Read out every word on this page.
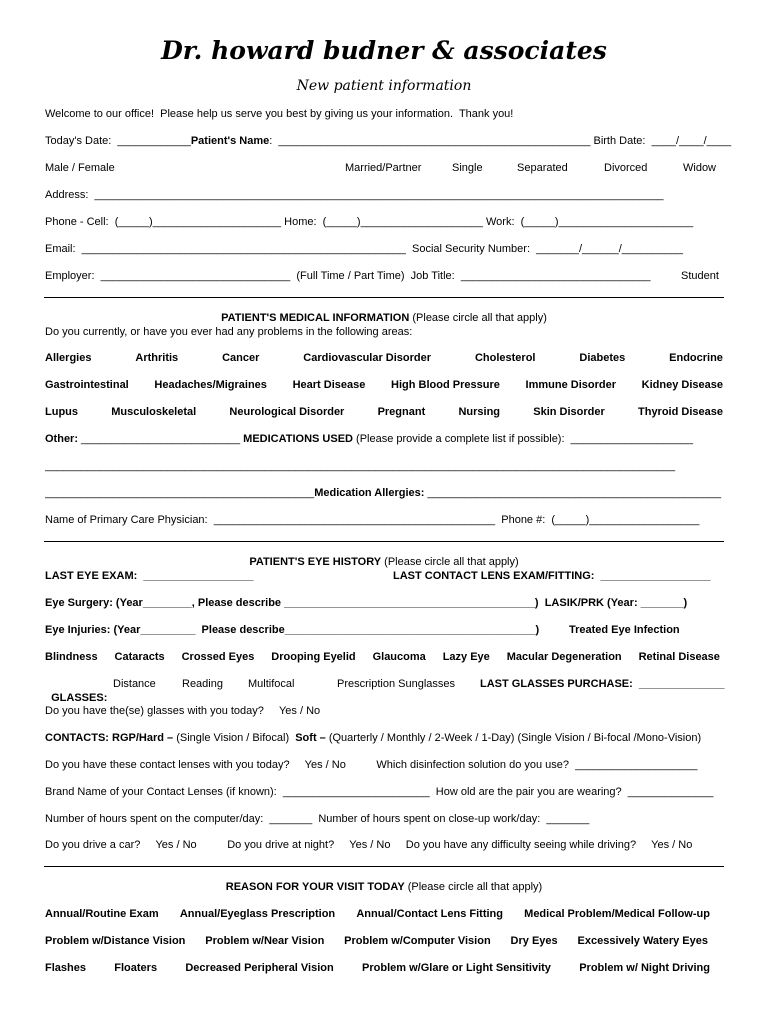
Dr. howard budner & associates
New patient information
Welcome to our office!  Please help us serve you best by giving us your information.  Thank you!
Today's Date:  ____________Patient's Name:  ___________________________________________________ Birth Date:  ____/____/____
Male / Female	Married/Partner	Single	Separated	Divorced	Widow
Address:  _____________________________________________________________________________________________
Phone - Cell:  (_____)_____________________ Home:  (_____)____________________ Work:  (_____)______________________
Email:  _____________________________________________________  Social Security Number:  _______/______/__________
Employer:  _______________________________  (Full Time / Part Time)  Job Title:  _______________________________	Student
PATIENT'S MEDICAL INFORMATION (Please circle all that apply)
Do you currently, or have you ever had any problems in the following areas:
Allergies	Arthritis	Cancer	Cardiovascular Disorder	Cholesterol	Diabetes	Endocrine
Gastrointestinal Headaches/Migraines Heart Disease High Blood Pressure Immune Disorder Kidney Disease
Lupus	Musculoskeletal	Neurological Disorder	Pregnant	Nursing	Skin Disorder	Thyroid Disease
Other: __________________________ MEDICATIONS USED (Please provide a complete list if possible):  ____________________
_______________________________________________________________________________________________________
____________________________________________Medication Allergies: ________________________________________________
Name of Primary Care Physician:  ______________________________________________  Phone #:  (_____)__________________
PATIENT'S EYE HISTORY (Please circle all that apply)
LAST EYE EXAM:  __________________	LAST CONTACT LENS EXAM/FITTING:  __________________
Eye Surgery: (Year________, Please describe _________________________________________)  LASIK/PRK (Year: _______)
Eye Injuries: (Year_________  Please describe_________________________________________)	Treated Eye Infection
Blindness Cataracts Crossed Eyes Drooping Eyelid Glaucoma Lazy Eye Macular Degeneration Retinal Disease

GLASSES:

Distance Reading Multifocal	Prescription Sunglasses LAST GLASSES PURCHASE:  ______________
Do you have the(se) glasses with you today?     Yes / No
CONTACTS: RGP/Hard – (Single Vision / Bifocal)  Soft – (Quarterly / Monthly / 2-Week / 1-Day) (Single Vision / Bi-focal /Mono-Vision)
Do you have these contact lenses with you today?     Yes / No          Which disinfection solution do you use?  ____________________
Brand Name of your Contact Lenses (if known):  ________________________  How old are the pair you are wearing?  ______________
Number of hours spent on the computer/day:  _______  Number of hours spent on close-up work/day:  _______
Do you drive a car?     Yes / No          Do you drive at night?     Yes / No     Do you have any difficulty seeing while driving?     Yes / No
REASON FOR YOUR VISIT TODAY (Please circle all that apply)
Annual/Routine Exam Annual/Eyeglass Prescription Annual/Contact Lens Fitting Medical Problem/Medical Follow-up
Problem w/Distance Vision Problem w/Near Vision Problem w/Computer Vision Dry Eyes Excessively Watery Eyes
Flashes	Floaters	Decreased Peripheral Vision	Problem w/Glare or Light Sensitivity	Problem w/ Night Driving
